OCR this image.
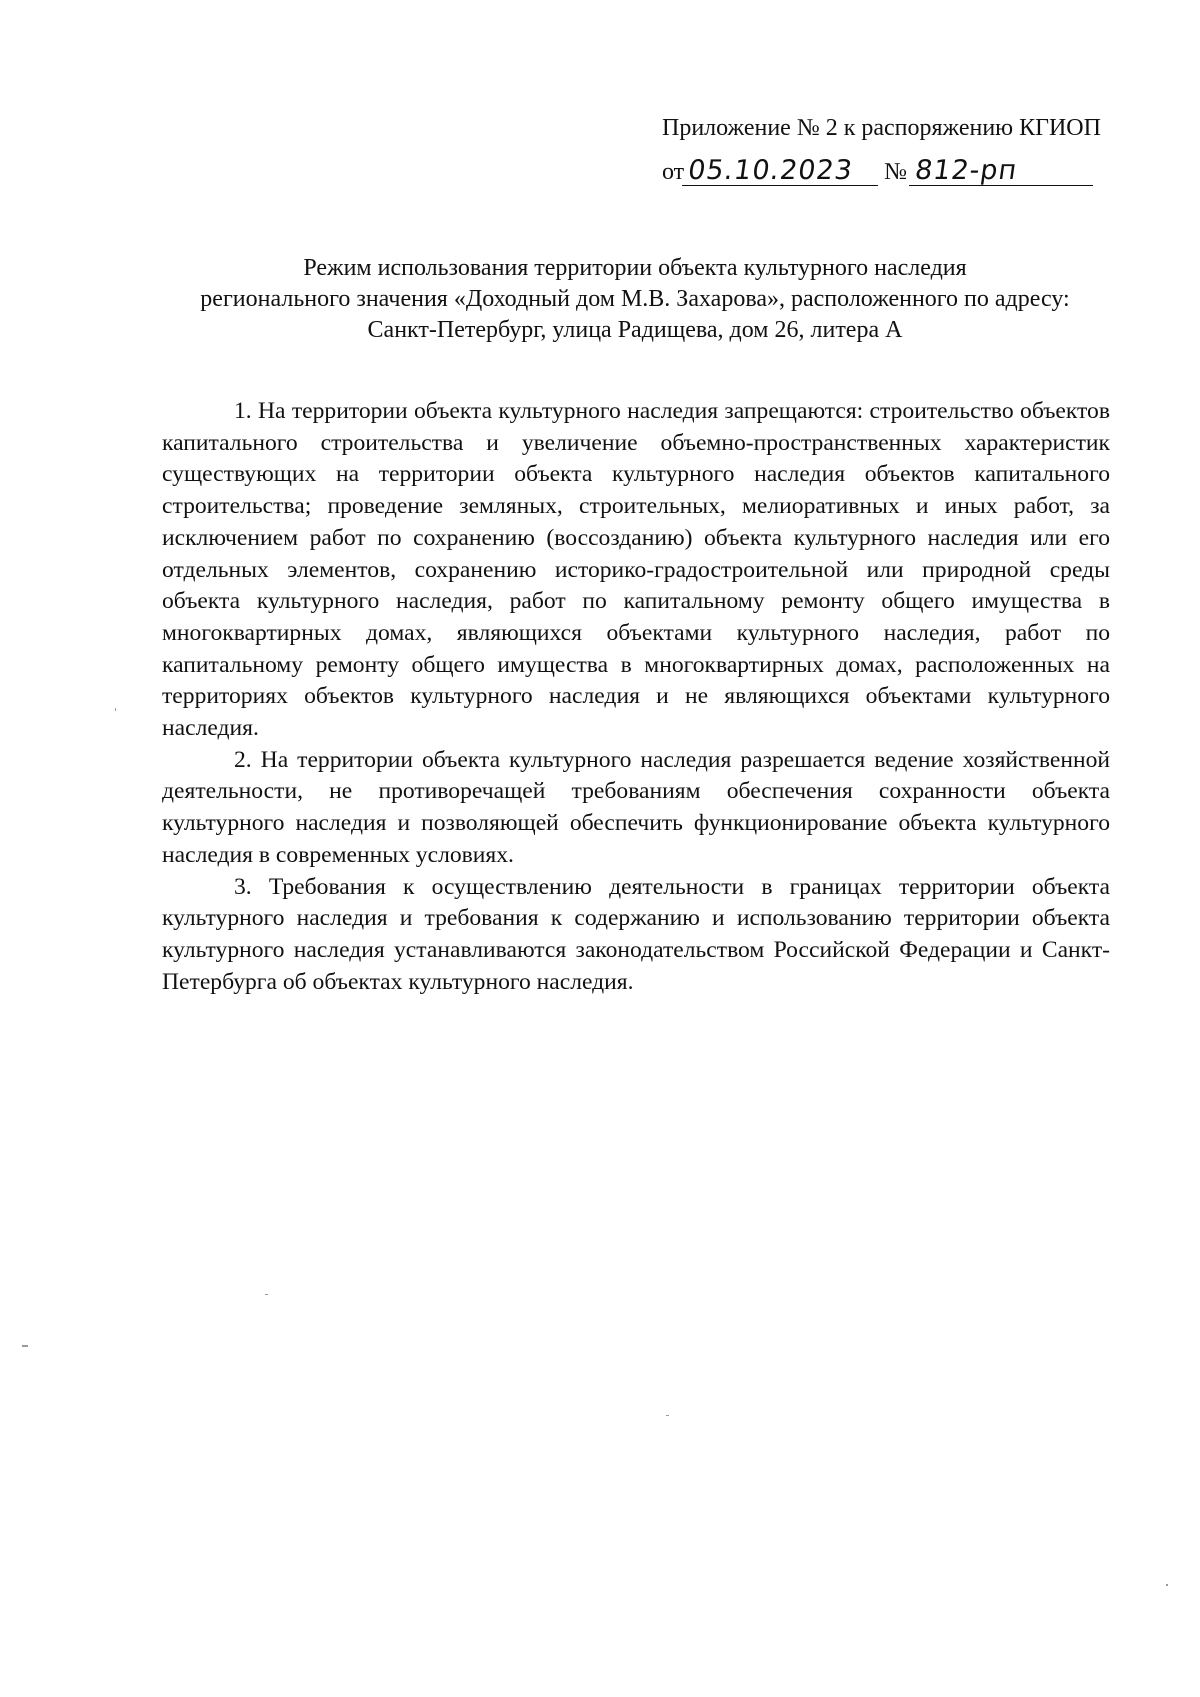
Приложение № 2 к распоряжению КГИОП
от 05.10.2023	№ 812-рп
Режим использования территории объекта культурного наследия
регионального значения «Доходный дом М.В. Захарова», расположенного по адресу:
Санкт-Петербург, улица Радищева, дом 26, литера А

1. На территории объекта культурного наследия запрещаются: строительство объектов капитального строительства и увеличение объемно-пространственных характеристик существующих на территории объекта культурного наследия объектов капитального строительства; проведение земляных, строительных, мелиоративных и иных работ, за исключением работ по сохранению (воссозданию) объекта культурного наследия или его отдельных элементов, сохранению историко-градостроительной или природной среды объекта культурного наследия, работ по капитальному ремонту общего имущества в многоквартирных домах, являющихся объектами культурного наследия, работ по капитальному ремонту общего имущества в многоквартирных домах, расположенных на территориях объектов культурного наследия и не являющихся объектами культурного наследия.

2. На территории объекта культурного наследия разрешается ведение хозяйственной деятельности, не противоречащей требованиям обеспечения сохранности объекта культурного наследия и позволяющей обеспечить функционирование объекта культурного наследия в современных условиях.

3. Требования к осуществлению деятельности в границах территории объекта культурного наследия и требования к содержанию и использованию территории объекта культурного наследия устанавливаются законодательством Российской Федерации и Санкт-Петербурга об объектах культурного наследия.
